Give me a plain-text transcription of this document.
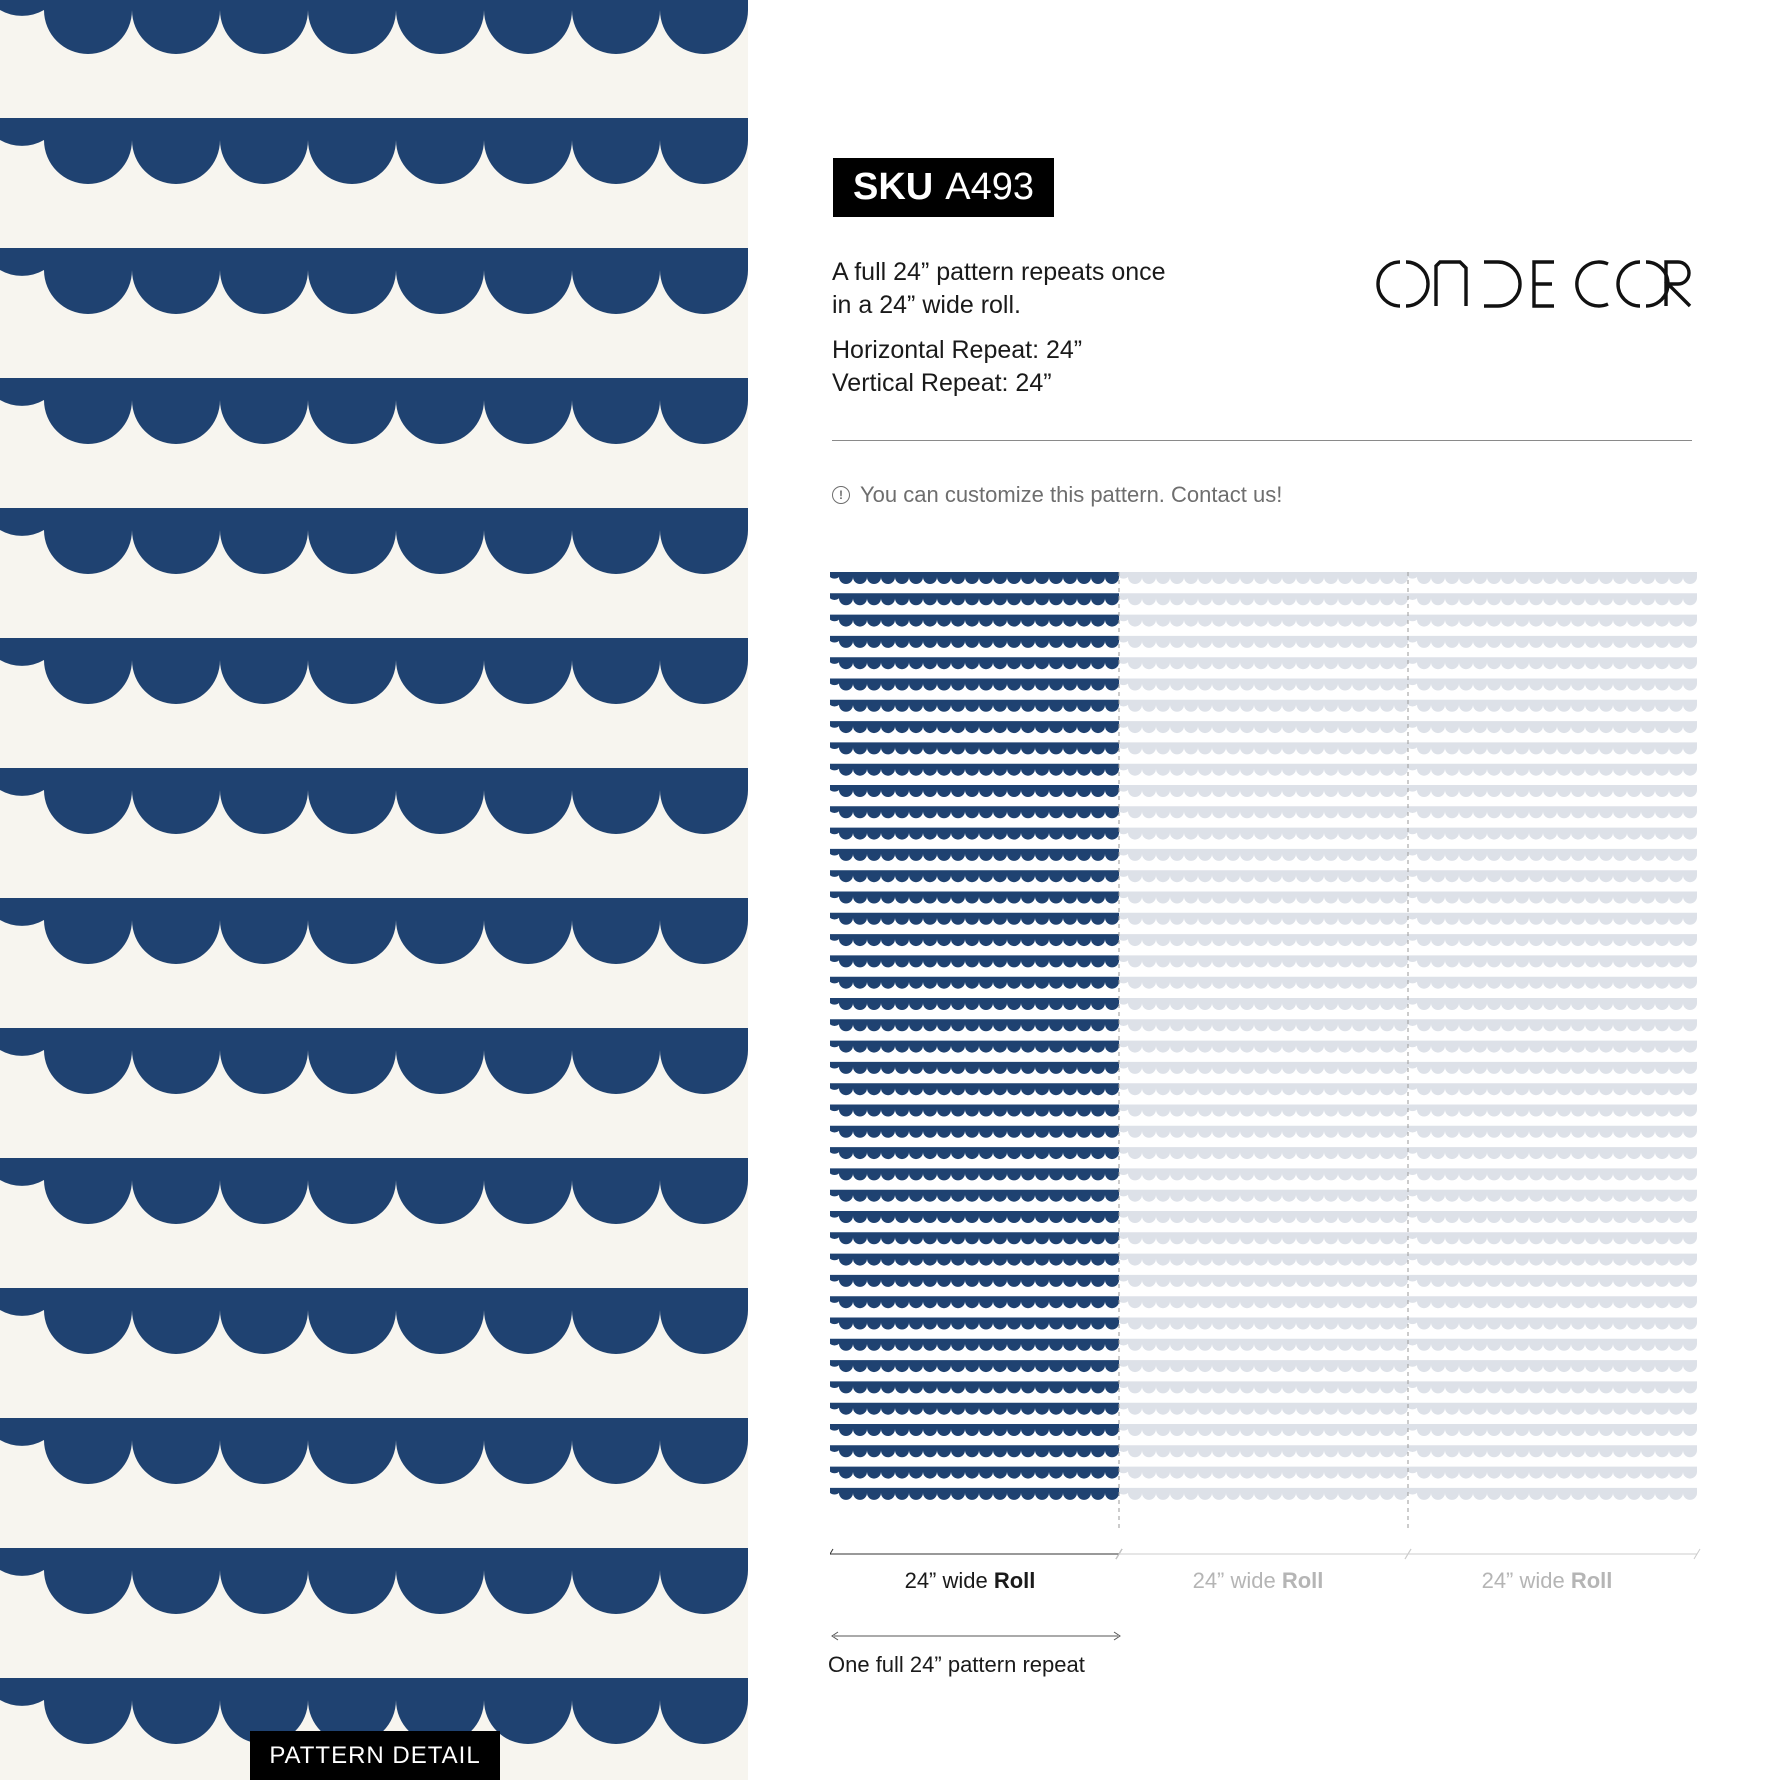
PATTERN DETAIL
SKU A493

A full 24” pattern repeats once

in a 24” wide roll.

Horizontal Repeat: 24”
Vertical Repeat: 24”
! You can customize this pattern. Contact us!
24” wide Roll	24” wide Roll	24” wide Roll
One full 24” pattern repeat
